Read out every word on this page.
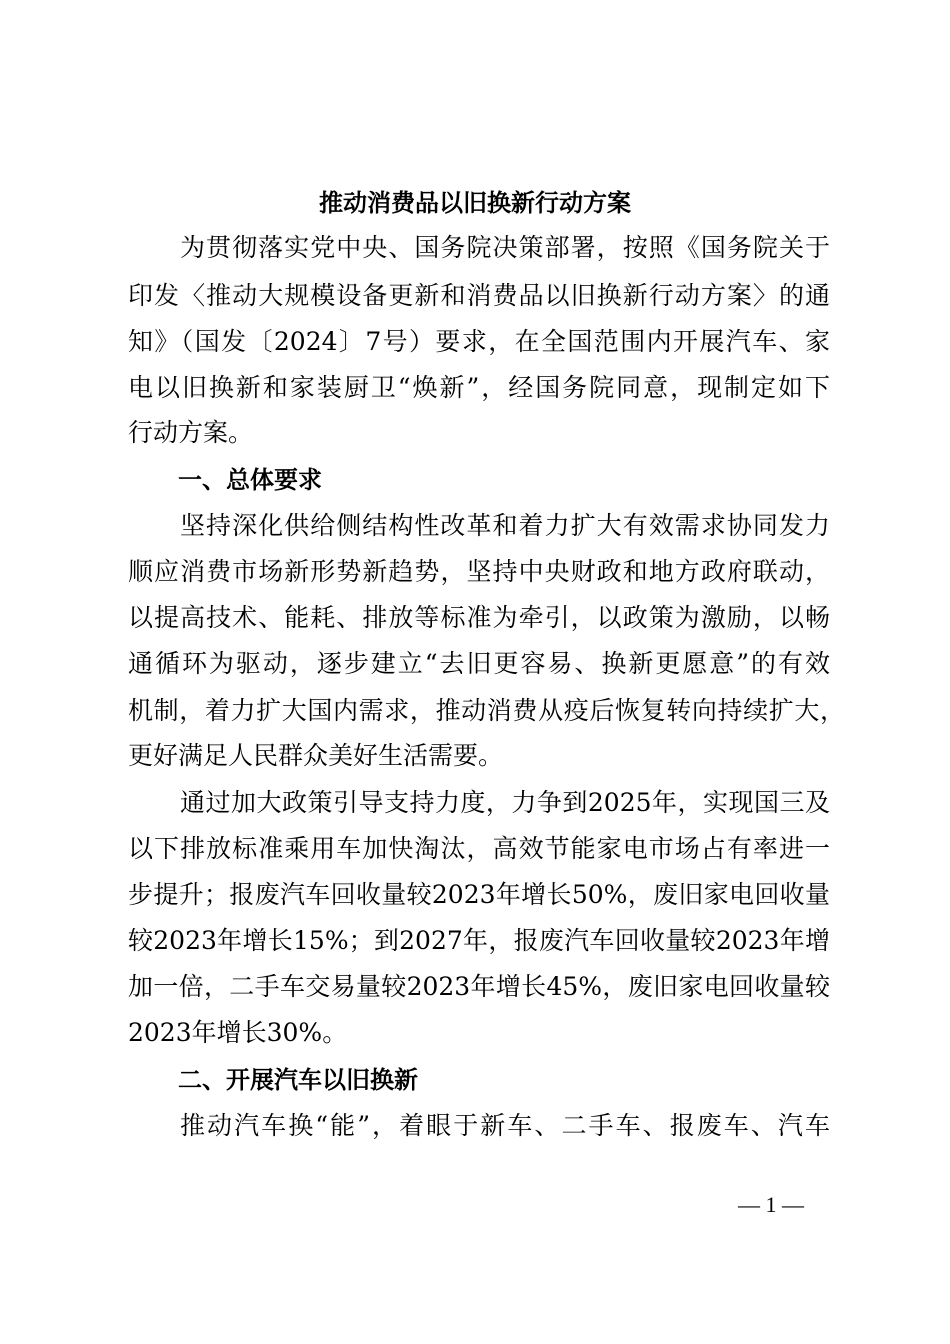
推动消费品以旧换新行动方案
为贯彻落实党中央、国务院决策部署，按照《国务院关于
印发〈推动大规模设备更新和消费品以旧换新行动方案〉的通
知》（国发〔2024〕7号）要求，在全国范围内开展汽车、家
电以旧换新和家装厨卫“焕新”，经国务院同意，现制定如下
行动方案。
一、总体要求
坚持深化供给侧结构性改革和着力扩大有效需求协同发力
顺应消费市场新形势新趋势，坚持中央财政和地方政府联动，
以提高技术、能耗、排放等标准为牵引，以政策为激励，以畅
通循环为驱动，逐步建立“去旧更容易、换新更愿意”的有效
机制，着力扩大国内需求，推动消费从疫后恢复转向持续扩大，
更好满足人民群众美好生活需要。
通过加大政策引导支持力度，力争到2025年，实现国三及
以下排放标准乘用车加快淘汰，高效节能家电市场占有率进一
步提升；报废汽车回收量较2023年增长50%，废旧家电回收量
较2023年增长15%；到2027年，报废汽车回收量较2023年增
加一倍，二手车交易量较2023年增长45%，废旧家电回收量较
2023年增长30%。
二、开展汽车以旧换新
推动汽车换“能”，着眼于新车、二手车、报废车、汽车
— 1 —
